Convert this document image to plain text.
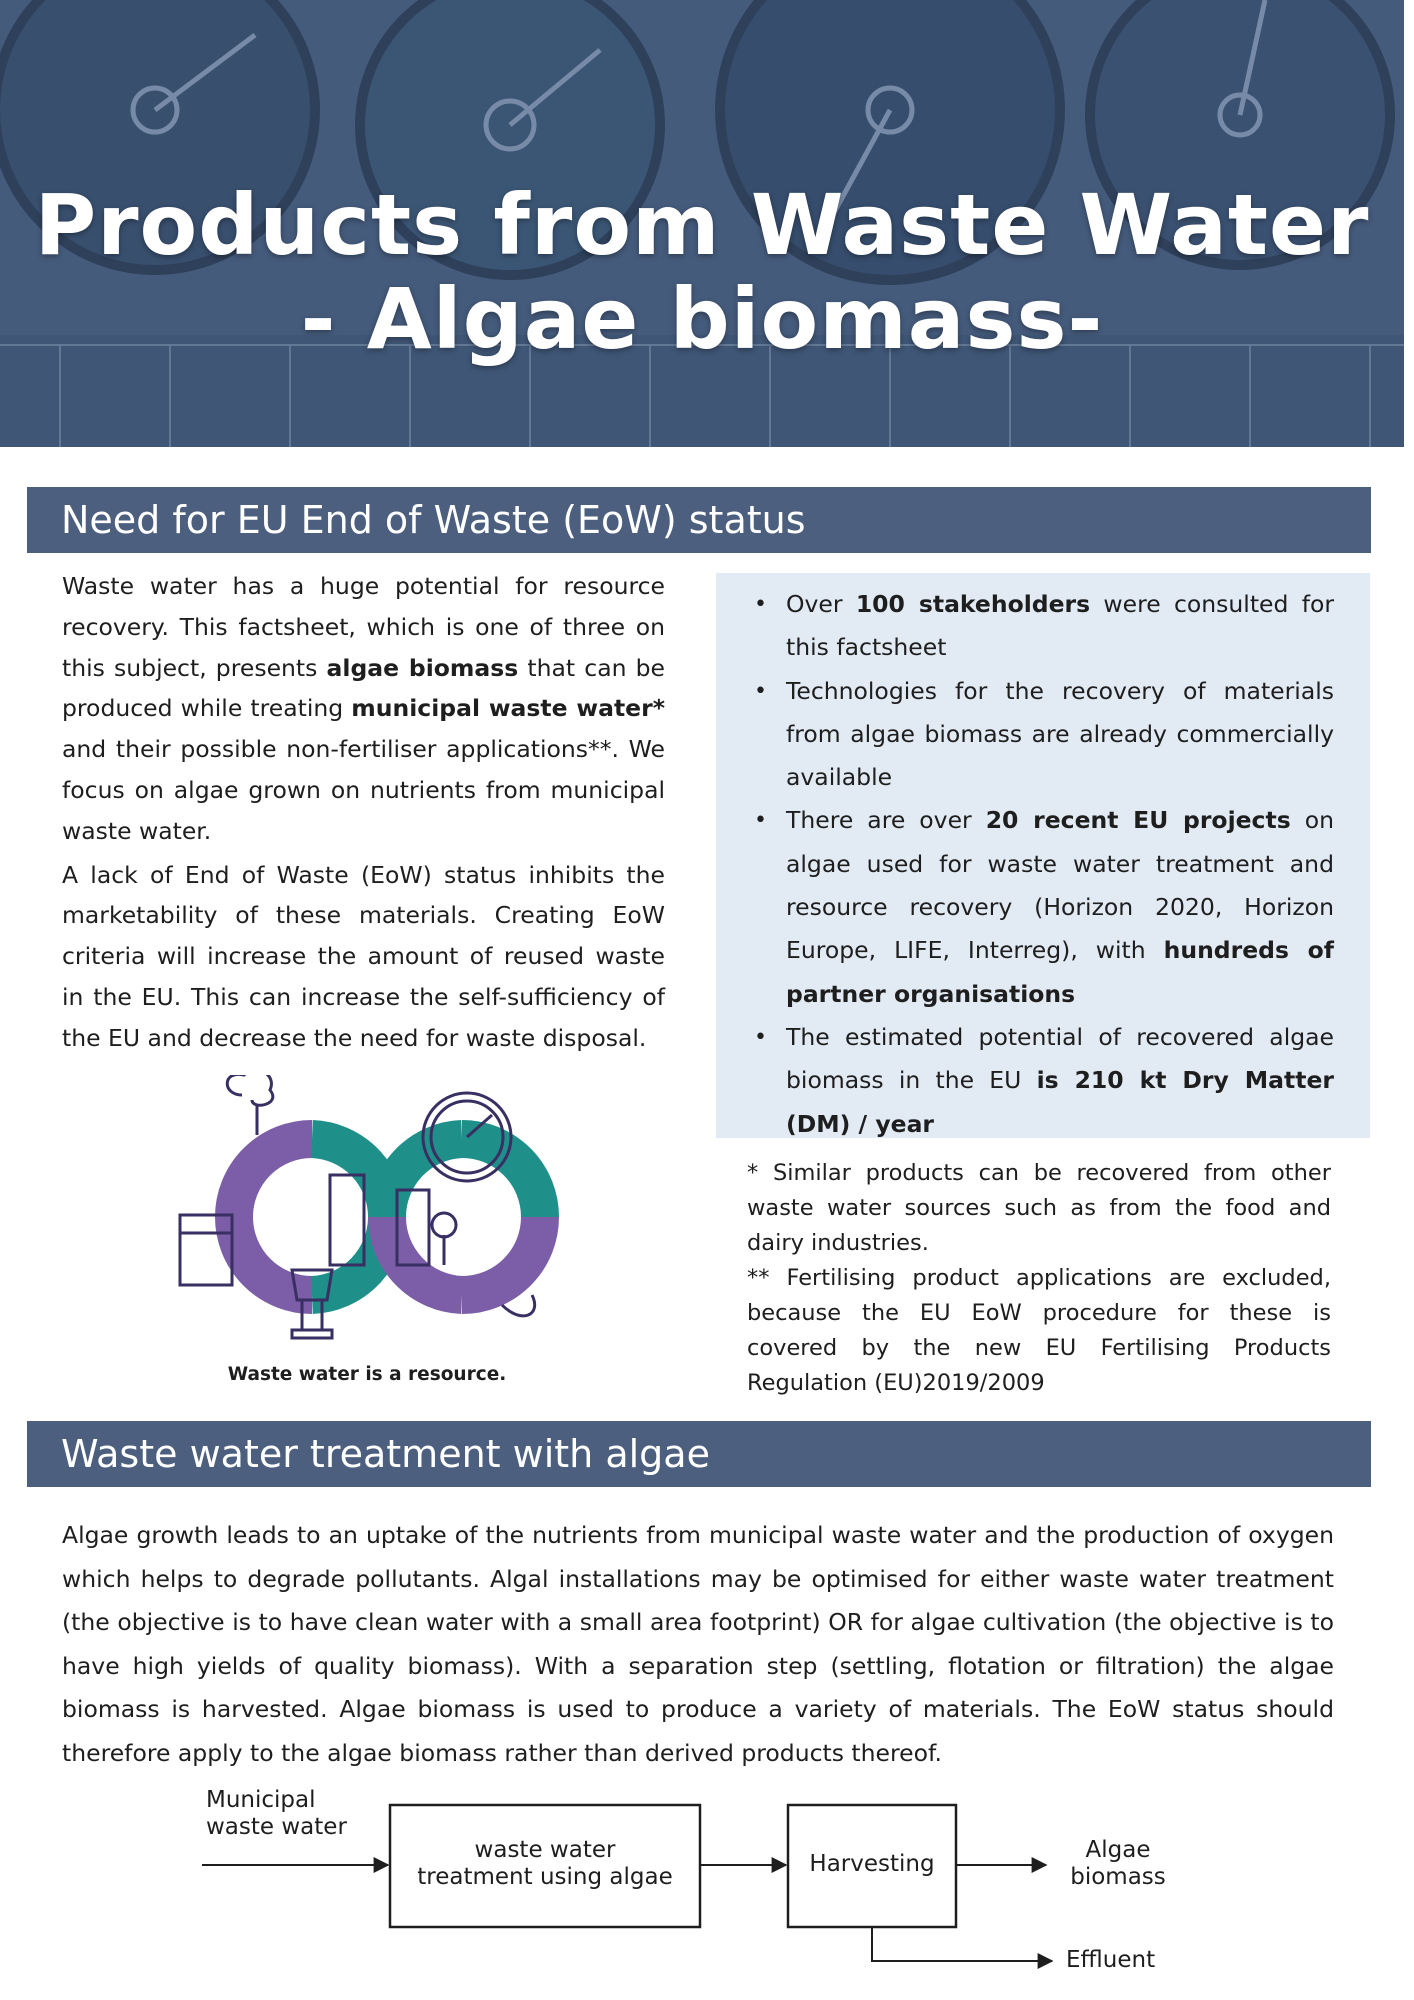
Products from Waste Water
- Algae biomass-
Need for EU End of Waste (EoW) status

Waste water has a huge potential for resource recovery. This factsheet, which is one of three on this subject, presents algae biomass that can be produced while treating municipal waste water* and their possible non-fertiliser applications**. We focus on algae grown on nutrients from municipal waste water.

A lack of End of Waste (EoW) status inhibits the marketability of these materials. Creating EoW criteria will increase the amount of reused waste in the EU. This can increase the self-sufficiency of the EU and decrease the need for waste disposal.

• Over 100 stakeholders were consulted for this factsheet
• Technologies for the recovery of materials from algae biomass are already commercially available
• There are over 20 recent EU projects on algae used for waste water treatment and resource recovery (Horizon 2020, Horizon Europe, LIFE, Interreg), with hundreds of partner organisations
• The estimated potential of recovered algae biomass in the EU is 210 kt Dry Matter (DM) / year
Waste water is a resource.

* Similar products can be recovered from other waste water sources such as from the food and dairy industries.

** Fertilising product applications are excluded, because the EU EoW procedure for these is covered by the new EU Fertilising Products Regulation (EU)2019/2009

Waste water treatment with algae
Algae growth leads to an uptake of the nutrients from municipal waste water and the production of oxygen which helps to degrade pollutants. Algal installations may be optimised for either waste water treatment (the objective is to have clean water with a small area footprint) OR for algae cultivation (the objective is to have high yields of quality biomass). With a separation step (settling, flotation or filtration) the algae biomass is harvested. Algae biomass is used to produce a variety of materials. The EoW status should therefore apply to the algae biomass rather than derived products thereof.
Municipal
waste water
waste water
treatment using algae	Harvesting
Algae
biomass
Effluent
